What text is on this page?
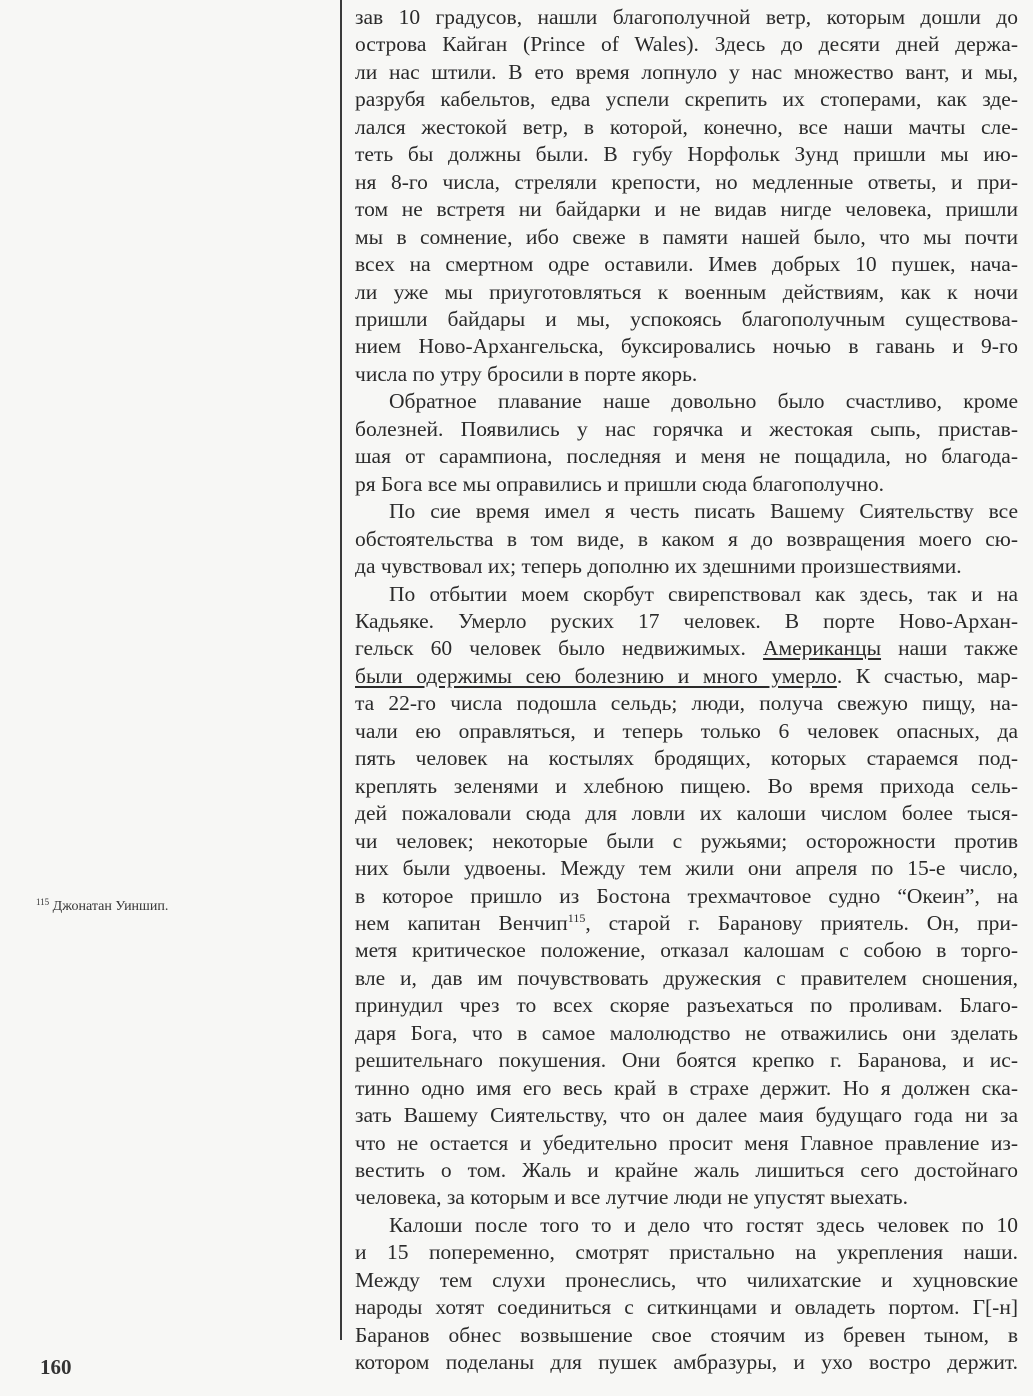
$^{115}$ Джонатан Уиншип.
зав 10 градусов, нашли благополучной ветр, которым дошли до
острова Кайган (Prince of Wales). Здесь до десяти дней держа-
ли нас штили. В ето время лопнуло у нас множество вант, и мы,
разрубя кабельтов, едва успели скрепить их стоперами, как зде-
лался жестокой ветр, в которой, конечно, все наши мачты сле-
теть бы должны были. В губу Норфольк Зунд пришли мы ию-
ня 8-го числа, стреляли крепости, но медленные ответы, и при-
том не встретя ни байдарки и не видав нигде человека, пришли
мы в сомнение, ибо свеже в памяти нашей было, что мы почти
всех на смертном одре оставили. Имев добрых 10 пушек, нача-
ли уже мы приуготовляться к военным действиям, как к ночи
пришли байдары и мы, успокоясь благополучным существова-
нием Ново-Архангельска, буксировались ночью в гавань и 9-го
числа по утру бросили в порте якорь.
Обратное плавание наше довольно было счастливо, кроме
болезней. Появились у нас горячка и жестокая сыпь, пристав-
шая от сарампиона, последняя и меня не пощадила, но благода-
ря Бога все мы оправились и пришли сюда благополучно.
По сие время имел я честь писать Вашему Сиятельству все
обстоятельства в том виде, в каком я до возвращения моего сю-
да чувствовал их; теперь дополню их здешними произшествиями.
По отбытии моем скорбут свирепствовал как здесь, так и на
Кадьяке. Умерло руских 17 человек. В порте Ново-Архан-
гельск 60 человек было недвижимых. Американцы наши также
были одержимы сею болезнию и много умерло. К счастью, мар-
та 22-го числа подошла сельдь; люди, получа свежую пищу, на-
чали ею оправляться, и теперь только 6 человек опасных, да
пять человек на костылях бродящих, которых стараемся под-
креплять зеленями и хлебною пищею. Во время прихода сель-
дей пожаловали сюда для ловли их калоши числом более тыся-
чи человек; некоторые были с ружьями; осторожности против
них были удвоены. Между тем жили они апреля по 15-е число,
в которое пришло из Бостона трехмачтовое судно “Океин”, на
нем капитан Венчип$^{115}$, старой г. Баранову приятель. Он, при-
метя критическое положение, отказал калошам с собою в торго-
вле и, дав им почувствовать дружеския с правителем сношения,
принудил чрез то всех скоряе разъехаться по проливам. Благо-
даря Бога, что в самое малолюдство не отважились они зделать
решительнаго покушения. Они боятся крепко г. Баранова, и ис-
тинно одно имя его весь край в страхе держит. Но я должен ска-
зать Вашему Сиятельству, что он далее маия будущаго года ни за
что не остается и убедительно просит меня Главное правление из-
вестить о том. Жаль и крайне жаль лишиться сего достойнаго
человека, за которым и все лутчие люди не упустят выехать.
Калоши после того то и дело что гостят здесь человек по 10
и 15 попеременно, смотрят пристально на укрепления наши.
Между тем слухи пронеслись, что чилихатские и хуцновские
народы хотят соединиться с ситкинцами и овладеть портом. Г[-н]
Баранов обнес возвышение свое стоячим из бревен тыном, в
котором поделаны для пушек амбразуры, и ухо востро держит.
160
